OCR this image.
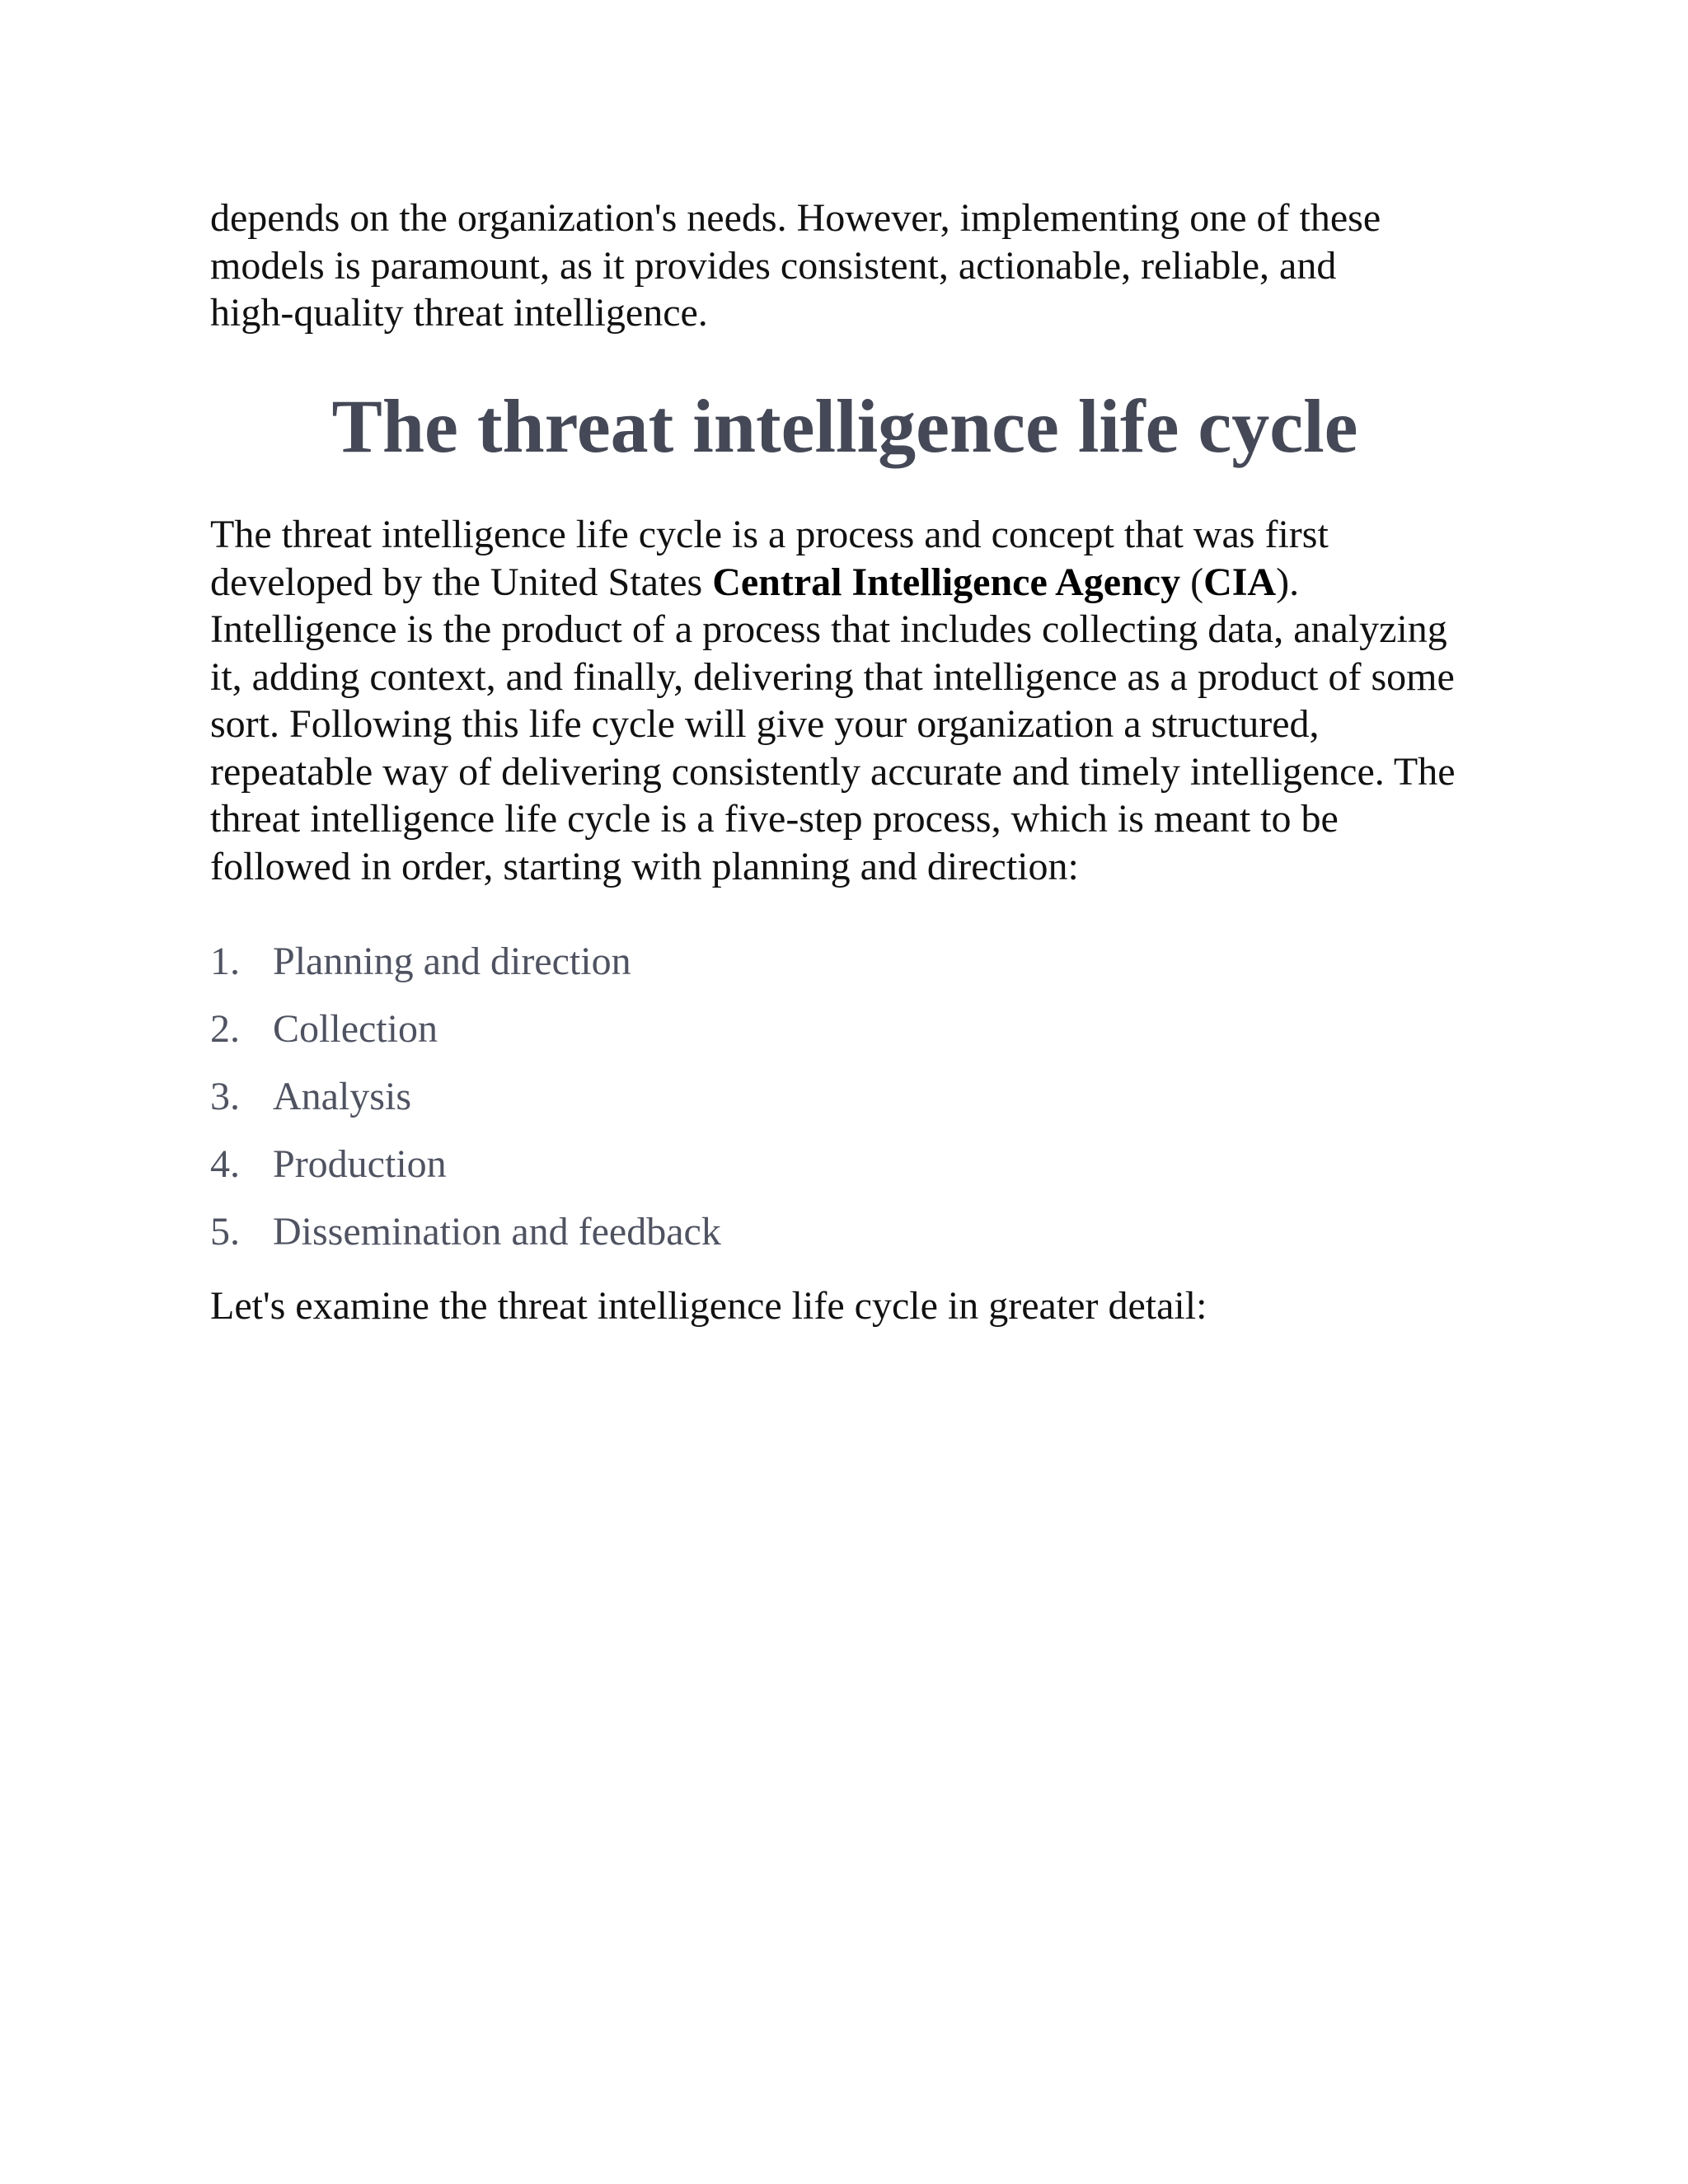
depends on the organization's needs. However, implementing one of these
models is paramount, as it provides consistent, actionable, reliable, and
high-quality threat intelligence.

The threat intelligence life cycle

The threat intelligence life cycle is a process and concept that was first developed by the United States Central Intelligence Agency (CIA). Intelligence is the product of a process that includes collecting data, analyzing it, adding context, and finally, delivering that intelligence as a product of some sort. Following this life cycle will give your organization a structured, repeatable way of delivering consistently accurate and timely intelligence. The threat intelligence life cycle is a five-step process, which is meant to be followed in order, starting with planning and direction:

1. Planning and direction
2. Collection
3. Analysis
4. Production
5. Dissemination and feedback

Let's examine the threat intelligence life cycle in greater detail:
